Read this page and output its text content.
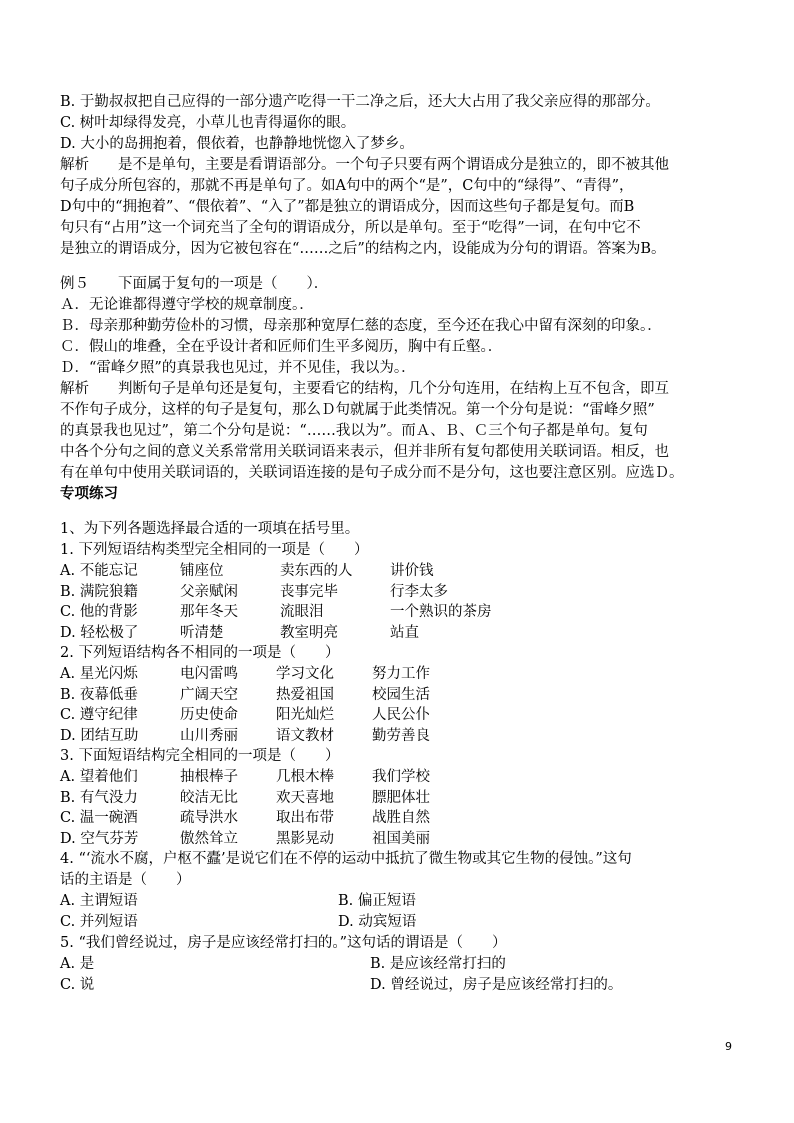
B. 于勤叔叔把自己应得的一部分遗产吃得一干二净之后，还大大占用了我父亲应得的那部分。
C. 树叶却绿得发亮，小草儿也青得逼你的眼。
D. 大小的岛拥抱着，偎依着，也静静地恍惚入了梦乡。
解析　　是不是单句，主要是看谓语部分。一个句子只要有两个谓语成分是独立的，即不被其他
句子成分所包容的，那就不再是单句了。如A句中的两个“是”，C句中的“绿得”、“青得”，
D句中的“拥抱着”、“偎依着”、“入了”都是独立的谓语成分，因而这些句子都是复句。而B
句只有“占用”这一个词充当了全句的谓语成分，所以是单句。至于“吃得”一词，在句中它不
是独立的谓语成分，因为它被包容在“……之后”的结构之内，设能成为分句的谓语。答案为B。
例５　　下面属于复句的一项是（　　）．
Ａ．无论谁都得遵守学校的规章制度。．
Ｂ．母亲那种勤劳俭朴的习惯，母亲那种宽厚仁慈的态度，至今还在我心中留有深刻的印象。．
Ｃ．假山的堆叠，全在乎设计者和匠师们生平多阅历，胸中有丘壑。．
Ｄ．“雷峰夕照”的真景我也见过，并不见佳，我以为。．
解析　　判断句子是单句还是复句，主要看它的结构，几个分句连用，在结构上互不包含，即互
不作句子成分，这样的句子是复句，那么Ｄ句就属于此类情况。第一个分句是说：“雷峰夕照”
的真景我也见过”，第二个分句是说：“……我以为”。而Ａ、Ｂ、Ｃ三个句子都是单句。复句
中各个分句之间的意义关系常常用关联词语来表示，但并非所有复句都使用关联词语。相反，也
有在单句中使用关联词语的，关联词语连接的是句子成分而不是分句，这也要注意区别。应选Ｄ。
专项练习
1、为下列各题选择最合适的一项填在括号里。
1. 下列短语结构类型完全相同的一项是（　　）
A. 不能忘记	铺座位	卖东西的人	讲价钱
B. 满院狼籍	父亲赋闲	丧事完毕	行李太多
C. 他的背影	那年冬天	流眼泪	一个熟识的茶房
D. 轻松极了	听清楚	教室明亮	站直
2. 下列短语结构各不相同的一项是（　　）
A. 星光闪烁	电闪雷鸣	学习文化	努力工作
B. 夜幕低垂	广阔天空	热爱祖国	校园生活
C. 遵守纪律	历史使命	阳光灿烂	人民公仆
D. 团结互助	山川秀丽	语文教材	勤劳善良
3. 下面短语结构完全相同的一项是（　　）
A. 望着他们	抽根棒子	几根木棒	我们学校
B. 有气没力	皎洁无比	欢天喜地	膘肥体壮
C. 温一碗酒	疏导洪水	取出布带	战胜自然
D. 空气芬芳	傲然耸立	黑影晃动	祖国美丽
4. “‘流水不腐，户枢不蠹’是说它们在不停的运动中抵抗了微生物或其它生物的侵蚀。”这句
话的主语是（　　）
A. 主谓短语	B. 偏正短语
C. 并列短语	D. 动宾短语
5. “我们曾经说过，房子是应该经常打扫的。”这句话的谓语是（　　）
A. 是	B. 是应该经常打扫的
C. 说	D. 曾经说过，房子是应该经常打扫的。
9
